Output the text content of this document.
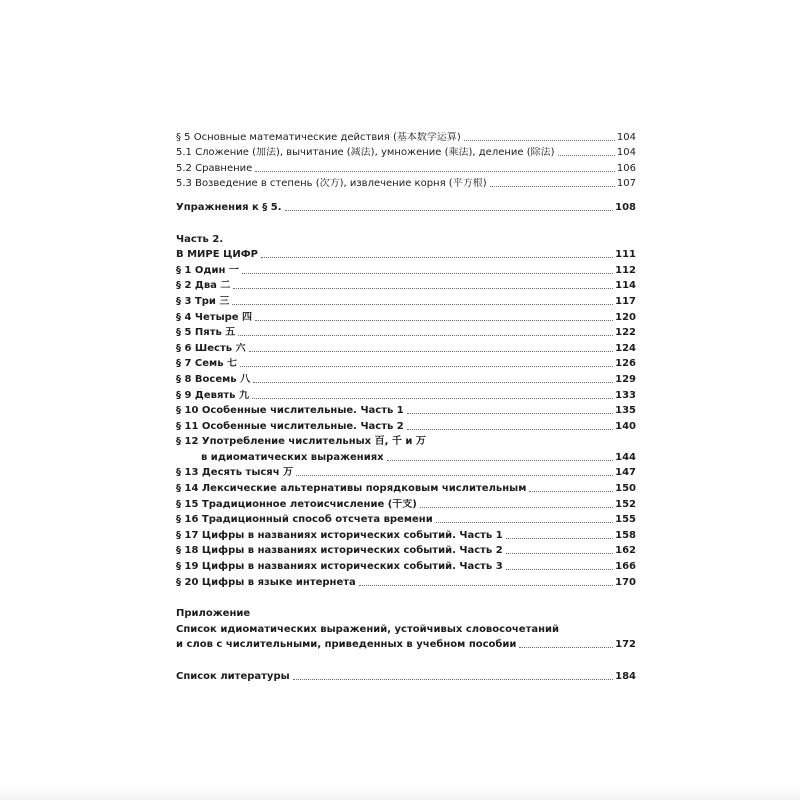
§ 5 Основные математические действия (基本数学运算)	104
5.1 Сложение (加法), вычитание (减法), умножение (乘法), деление (除法)	104
5.2 Сравнение	106
5.3 Возведение в степень (次方), извлечение корня (平方根)	107
Упражнения к § 5.	108
Часть 2.
В МИРЕ ЦИФР	111
§ 1 Один 一	112
§ 2 Два 二	114
§ 3 Три 三	117
§ 4 Четыре 四	120
§ 5 Пять 五	122
§ 6 Шесть 六	124
§ 7 Семь 七	126
§ 8 Восемь 八	129
§ 9 Девять 九	133
§ 10 Особенные числительные. Часть 1	135
§ 11 Особенные числительные. Часть 2	140
§ 12 Употребление числительных 百, 千 и 万
в идиоматических выражениях	144
§ 13 Десять тысяч 万	147
§ 14 Лексические альтернативы порядковым числительным	150
§ 15 Традиционное летоисчисление (干支)	152
§ 16 Традиционный способ отсчета времени	155
§ 17 Цифры в названиях исторических событий. Часть 1	158
§ 18 Цифры в названиях исторических событий. Часть 2	162
§ 19 Цифры в названиях исторических событий. Часть 3	166
§ 20 Цифры в языке интернета	170
Приложение
Список идиоматических выражений, устойчивых словосочетаний
и слов с числительными, приведенных в учебном пособии	172
Список литературы	184
